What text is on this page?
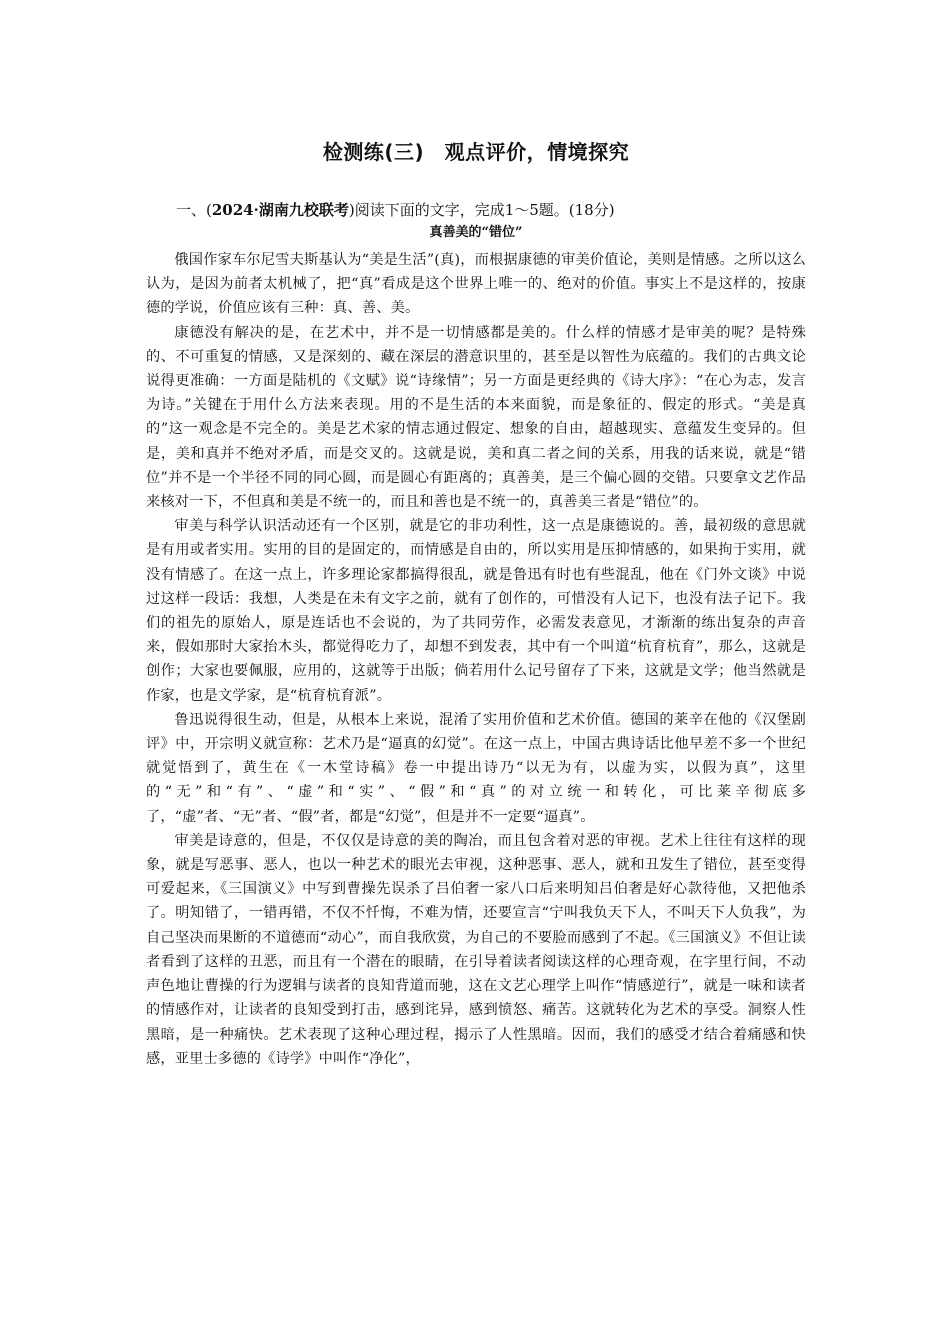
检测练(三)　观点评价，情境探究

一、(2024·湖南九校联考)阅读下面的文字，完成1～5题。(18分)

真善美的“错位”

俄国作家车尔尼雪夫斯基认为“美是生活”(真)，而根据康德的审美价值论，美则是情感。之所以这么认为，是因为前者太机械了，把“真”看成是这个世界上唯一的、绝对的价值。事实上不是这样的，按康德的学说，价值应该有三种：真、善、美。

康德没有解决的是，在艺术中，并不是一切情感都是美的。什么样的情感才是审美的呢？是特殊的、不可重复的情感，又是深刻的、藏在深层的潜意识里的，甚至是以智性为底蕴的。我们的古典文论说得更准确：一方面是陆机的《文赋》说“诗缘情”；另一方面是更经典的《诗大序》：“在心为志，发言为诗。”关键在于用什么方法来表现。用的不是生活的本来面貌，而是象征的、假定的形式。“美是真的”这一观念是不完全的。美是艺术家的情志通过假定、想象的自由，超越现实、意蕴发生变异的。但是，美和真并不绝对矛盾，而是交叉的。这就是说，美和真二者之间的关系，用我的话来说，就是“错位”并不是一个半径不同的同心圆，而是圆心有距离的；真善美，是三个偏心圆的交错。只要拿文艺作品来核对一下，不但真和美是不统一的，而且和善也是不统一的，真善美三者是“错位”的。

审美与科学认识活动还有一个区别，就是它的非功利性，这一点是康德说的。善，最初级的意思就是有用或者实用。实用的目的是固定的，而情感是自由的，所以实用是压抑情感的，如果拘于实用，就没有情感了。在这一点上，许多理论家都搞得很乱，就是鲁迅有时也有些混乱，他在《门外文谈》中说过这样一段话：我想，人类是在未有文字之前，就有了创作的，可惜没有人记下，也没有法子记下。我们的祖先的原始人，原是连话也不会说的，为了共同劳作，必需发表意见，才渐渐的练出复杂的声音来，假如那时大家抬木头，都觉得吃力了，却想不到发表，其中有一个叫道“杭育杭育”，那么，这就是创作；大家也要佩服，应用的，这就等于出版；倘若用什么记号留存了下来，这就是文学；他当然就是作家，也是文学家，是“杭育杭育派”。

鲁迅说得很生动，但是，从根本上来说，混淆了实用价值和艺术价值。德国的莱辛在他的《汉堡剧评》中，开宗明义就宣称：艺术乃是“逼真的幻觉”。在这一点上，中国古典诗话比他早差不多一个世纪就觉悟到了，黄生在《一木堂诗稿》卷一中提出诗乃“以无为有，以虚为实，以假为真”，这里的“无”和“有”、“虚”和“实”、“假”和“真”的对立统一和转化，可比莱辛彻底多了，“虚”者、“无”者、“假”者，都是“幻觉”，但是并不一定要“逼真”。

审美是诗意的，但是，不仅仅是诗意的美的陶冶，而且包含着对恶的审视。艺术上往往有这样的现象，就是写恶事、恶人，也以一种艺术的眼光去审视，这种恶事、恶人，就和丑发生了错位，甚至变得可爱起来，《三国演义》中写到曹操先误杀了吕伯奢一家八口后来明知吕伯奢是好心款待他，又把他杀了。明知错了，一错再错，不仅不忏悔，不难为情，还要宣言“宁叫我负天下人，不叫天下人负我”，为自己坚决而果断的不道德而“动心”，而自我欣赏，为自己的不要脸而感到了不起。《三国演义》不但让读者看到了这样的丑恶，而且有一个潜在的眼睛，在引导着读者阅读这样的心理奇观，在字里行间，不动声色地让曹操的行为逻辑与读者的良知背道而驰，这在文艺心理学上叫作“情感逆行”，就是一味和读者的情感作对，让读者的良知受到打击，感到诧异，感到愤怒、痛苦。这就转化为艺术的享受。洞察人性黑暗，是一种痛快。艺术表现了这种心理过程，揭示了人性黑暗。因而，我们的感受才结合着痛感和快感，亚里士多德的《诗学》中叫作“净化”，
